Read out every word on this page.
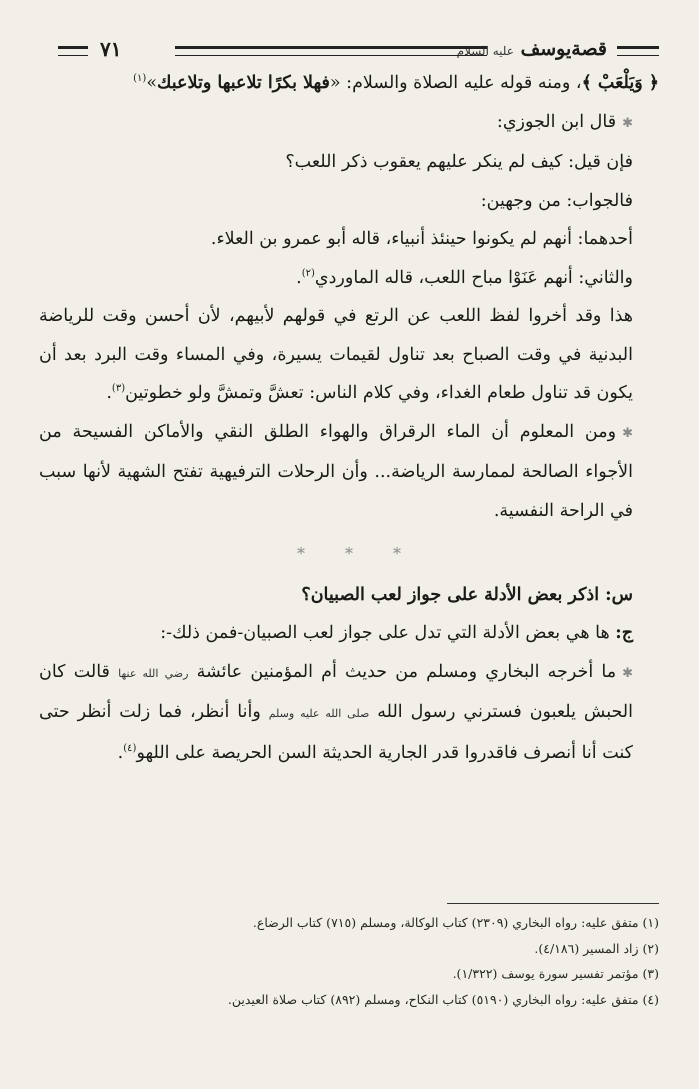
قصةيوسف عليه السلام
٧١

﴿ وَيَلْعَبْ ﴾، ومنه قوله عليه الصلاة والسلام: «فهلا بكرًا تلاعبها وتلاعبك»$^{(١)}$

✱قال ابن الجوزي:

فإن قيل: كيف لم ينكر عليهم يعقوب ذكر اللعب؟

فالجواب: من وجهين:

أحدهما: أنهم لم يكونوا حينئذ أنبياء، قاله أبو عمرو بن العلاء.

والثاني: أنهم عَنَوْا مباح اللعب، قاله الماوردي$^{(٢)}$.

هذا وقد أخروا لفظ اللعب عن الرتع في قولهم لأبيهم، لأن أحسن وقت للرياضة البدنية في وقت الصباح بعد تناول لقيمات يسيرة، وفي المساء وقت البرد بعد أن يكون قد تناول طعام الغداء، وفي كلام الناس: تعشَّ وتمشَّ ولو خطوتين$^{(٣)}$.

✱ومن المعلوم أن الماء الرقراق والهواء الطلق النقي والأماكن الفسيحة من الأجواء الصالحة لممارسة الرياضة... وأن الرحلات الترفيهية تفتح الشهية لأنها سبب في الراحة النفسية.

*
*
*

س: اذكر بعض الأدلة على جواز لعب الصبيان؟

ج: ها هي بعض الأدلة التي تدل على جواز لعب الصبيان-فمن ذلك-:

✱ما أخرجه البخاري ومسلم من حديث أم المؤمنين عائشة رضي الله عنها قالت كان الحبش يلعبون فسترني رسول الله صلى الله عليه وسلم وأنا أنظر، فما زلت أنظر حتى كنت أنا أنصرف فاقدروا قدر الجارية الحديثة السن الحريصة على اللهو$^{(٤)}$.

(١) متفق عليه: رواه البخاري (٢٣٠٩) كتاب الوكالة، ومسلم (٧١٥) كتاب الرضاع.

(٢) زاد المسير (٤/١٨٦).

(٣) مؤتمر تفسير سورة يوسف (١/٣٢٢).

(٤) متفق عليه: رواه البخاري (٥١٩٠) كتاب النكاح، ومسلم (٨٩٢) كتاب صلاة العيدين.
